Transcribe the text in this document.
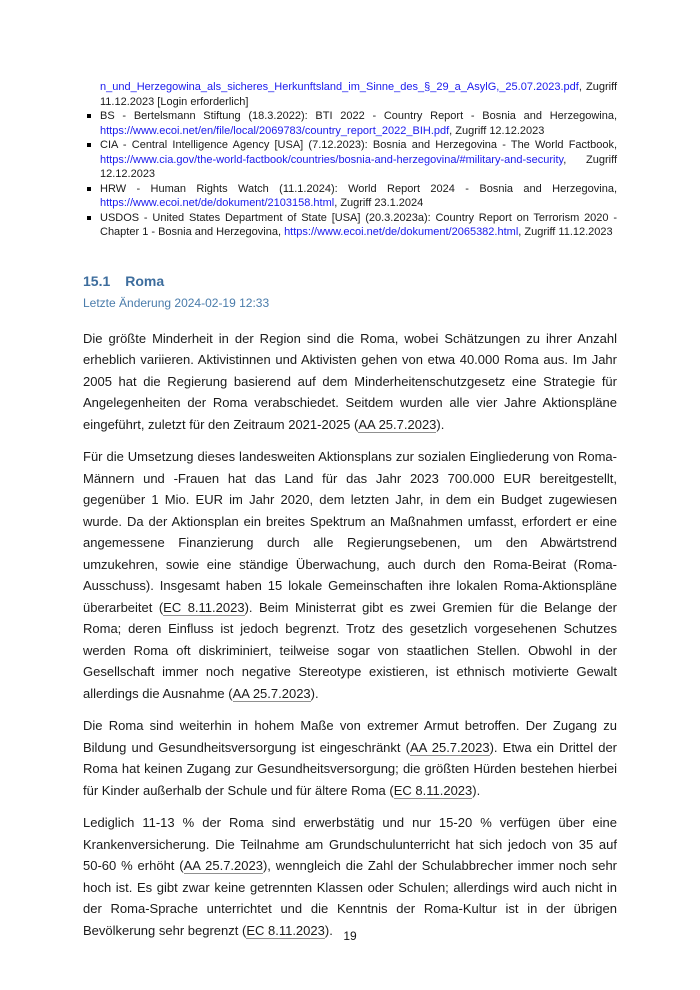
n_und_Herzegowina_als_sicheres_Herkunftsland_im_Sinne_des_§_29_a_AsylG,_25.07.2023.pdf, Zugriff 11.12.2023 [Login erforderlich]
BS - Bertelsmann Stiftung (18.3.2022): BTI 2022 - Country Report - Bosnia and Herzegowina, https://www.ecoi.net/en/file/local/2069783/country_report_2022_BIH.pdf, Zugriff 12.12.2023
CIA - Central Intelligence Agency [USA] (7.12.2023): Bosnia and Herzegovina - The World Factbook, https://www.cia.gov/the-world-factbook/countries/bosnia-and-herzegovina/#military-and-security, Zugriff 12.12.2023
HRW - Human Rights Watch (11.1.2024): World Report 2024 - Bosnia and Herzegovina, https://www.ecoi.net/de/dokument/2103158.html, Zugriff 23.1.2024
USDOS - United States Department of State [USA] (20.3.2023a): Country Report on Terrorism 2020 - Chapter 1 - Bosnia and Herzegovina, https://www.ecoi.net/de/dokument/2065382.html, Zugriff 11.12.2023
15.1 Roma
Letzte Änderung 2024-02-19 12:33

Die größte Minderheit in der Region sind die Roma, wobei Schätzungen zu ihrer Anzahl erheblich variieren. Aktivistinnen und Aktivisten gehen von etwa 40.000 Roma aus. Im Jahr 2005 hat die Regierung basierend auf dem Minderheitenschutzgesetz eine Strategie für Angelegenheiten der Roma verabschiedet. Seitdem wurden alle vier Jahre Aktionspläne eingeführt, zuletzt für den Zeitraum 2021-2025 (AA 25.7.2023).

Für die Umsetzung dieses landesweiten Aktionsplans zur sozialen Eingliederung von Roma-Männern und -Frauen hat das Land für das Jahr 2023 700.000 EUR bereitgestellt, gegenüber 1 Mio. EUR im Jahr 2020, dem letzten Jahr, in dem ein Budget zugewiesen wurde. Da der Aktionsplan ein breites Spektrum an Maßnahmen umfasst, erfordert er eine angemessene Finanzierung durch alle Regierungsebenen, um den Abwärtstrend umzukehren, sowie eine ständige Überwachung, auch durch den Roma-Beirat (Roma-Ausschuss). Insgesamt haben 15 lokale Gemeinschaften ihre lokalen Roma-Aktionspläne überarbeitet (EC 8.11.2023). Beim Ministerrat gibt es zwei Gremien für die Belange der Roma; deren Einfluss ist jedoch begrenzt. Trotz des gesetzlich vorgesehenen Schutzes werden Roma oft diskriminiert, teilweise sogar von staatlichen Stellen. Obwohl in der Gesellschaft immer noch negative Stereotype existieren, ist ethnisch motivierte Gewalt allerdings die Ausnahme (AA 25.7.2023).

Die Roma sind weiterhin in hohem Maße von extremer Armut betroffen. Der Zugang zu Bildung und Gesundheitsversorgung ist eingeschränkt (AA 25.7.2023). Etwa ein Drittel der Roma hat keinen Zugang zur Gesundheitsversorgung; die größten Hürden bestehen hierbei für Kinder außerhalb der Schule und für ältere Roma (EC 8.11.2023).

Lediglich 11-13 % der Roma sind erwerbstätig und nur 15-20 % verfügen über eine Krankenversicherung. Die Teilnahme am Grundschulunterricht hat sich jedoch von 35 auf 50-60 % erhöht (AA 25.7.2023), wenngleich die Zahl der Schulabbrecher immer noch sehr hoch ist. Es gibt zwar keine getrennten Klassen oder Schulen; allerdings wird auch nicht in der Roma-Sprache unterrichtet und die Kenntnis der Roma-Kultur ist in der übrigen Bevölkerung sehr begrenzt (EC 8.11.2023). 19
